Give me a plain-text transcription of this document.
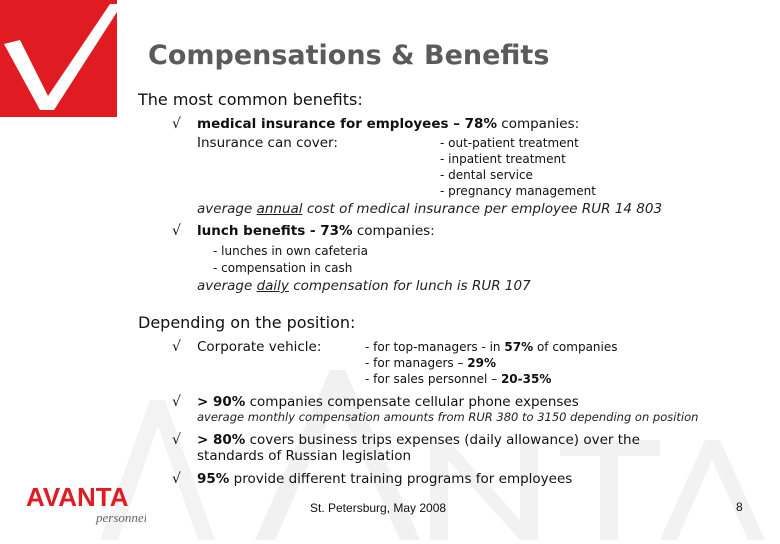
Compensations & Benefits
The most common benefits:
√ medical insurance for employees – 78% companies:
Insurance can cover:	- out-patient treatment
- inpatient treatment
- dental service
- pregnancy management
average annual cost of medical insurance per employee RUR 14 803
√ lunch benefits - 73% companies:
- lunches in own cafeteria
- compensation in cash
average daily compensation for lunch is RUR 107
Depending on the position:
√ Corporate vehicle:	- for top-managers - in 57% of companies
- for managers – 29%
- for sales personnel – 20-35%
√ > 90% companies compensate cellular phone expenses
average monthly compensation amounts from RUR 380 to 3150 depending on position
√ > 80% covers business trips expenses (daily allowance) over the
standards of Russian legislation
√ 95% provide different training programs for employees
AVANTA
personnel
St. Petersburg, May 2008	8
